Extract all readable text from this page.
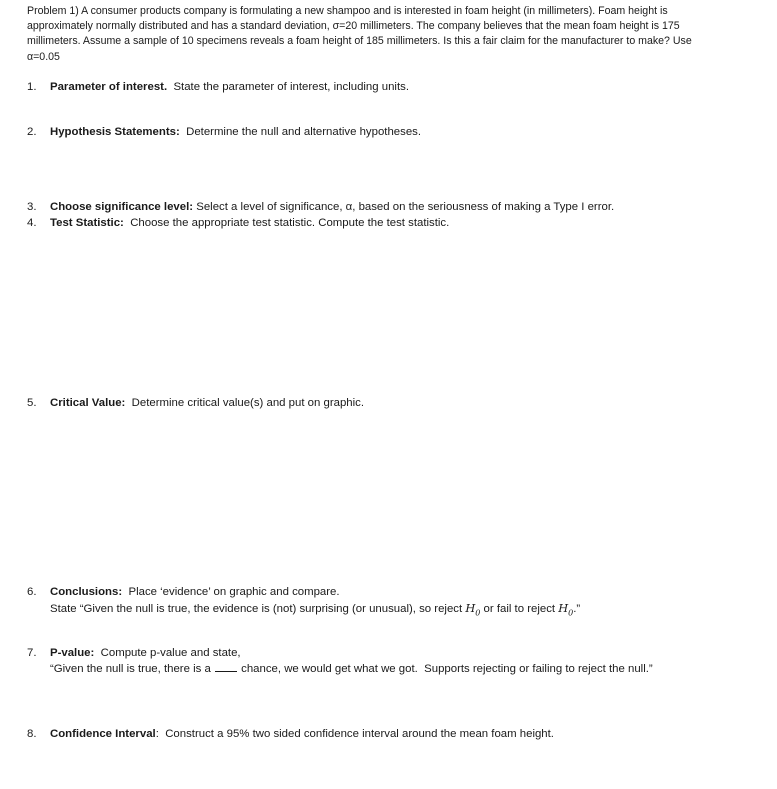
Problem 1) A consumer products company is formulating a new shampoo and is interested in foam height (in millimeters). Foam height is
approximately normally distributed and has a standard deviation, σ=20 millimeters. The company believes that the mean foam height is 175
millimeters. Assume a sample of 10 specimens reveals a foam height of 185 millimeters. Is this a fair claim for the manufacturer to make? Use
α=0.05
1. Parameter of interest.  State the parameter of interest, including units.
2. Hypothesis Statements:  Determine the null and alternative hypotheses.
3. Choose significance level: Select a level of significance, α, based on the seriousness of making a Type I error.
4. Test Statistic:  Choose the appropriate test statistic. Compute the test statistic.
5. Critical Value:  Determine critical value(s) and put on graphic.
6. Conclusions:  Place ‘evidence’ on graphic and compare.
State “Given the null is true, the evidence is (not) surprising (or unusual), so reject $H_0$ or fail to reject $H_0$.”
7. P-value:  Compute p-value and state,
“Given the null is true, there is a  chance, we would get what we got.  Supports rejecting or failing to reject the null.”
8. Confidence Interval:  Construct a 95% two sided confidence interval around the mean foam height.
